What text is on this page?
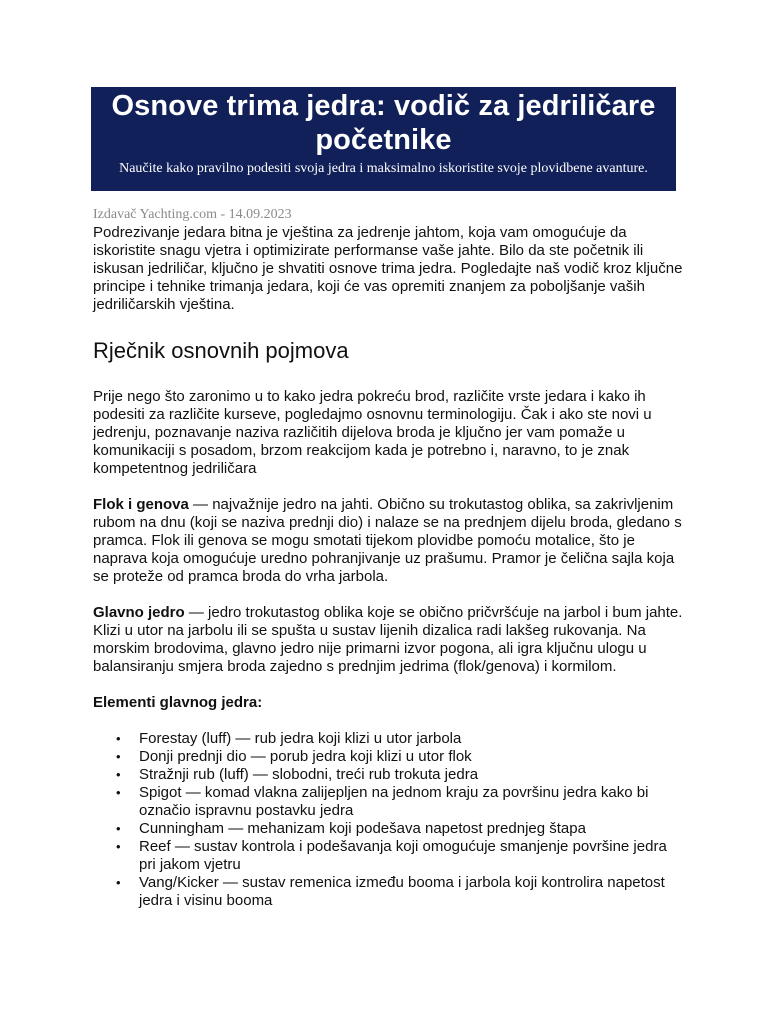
Osnove trima jedra: vodič za jedriličare početnike

Naučite kako pravilno podesiti svoja jedra i maksimalno iskoristite svoje plovidbene avanture.

Izdavač Yachting.com - 14.09.2023

Podrezivanje jedara bitna je vještina za jedrenje jahtom, koja vam omogućuje da iskoristite snagu vjetra i optimizirate performanse vaše jahte. Bilo da ste početnik ili iskusan jedriličar, ključno je shvatiti osnove trima jedra. Pogledajte naš vodič kroz ključne principe i tehnike trimanja jedara, koji će vas opremiti znanjem za poboljšanje vaših jedriličarskih vještina.

Rječnik osnovnih pojmova

Prije nego što zaronimo u to kako jedra pokreću brod, različite vrste jedara i kako ih podesiti za različite kurseve, pogledajmo osnovnu terminologiju. Čak i ako ste novi u jedrenju, poznavanje naziva različitih dijelova broda je ključno jer vam pomaže u komunikaciji s posadom, brzom reakcijom kada je potrebno i, naravno, to je znak kompetentnog jedriličara

Flok i genova — najvažnije jedro na jahti. Obično su trokutastog oblika, sa zakrivljenim rubom na dnu (koji se naziva prednji dio) i nalaze se na prednjem dijelu broda, gledano s pramca. Flok ili genova se mogu smotati tijekom plovidbe pomoću motalice, što je naprava koja omogućuje uredno pohranjivanje uz prašumu. Pramor je čelična sajla koja se proteže od pramca broda do vrha jarbola.

Glavno jedro — jedro trokutastog oblika koje se obično pričvršćuje na jarbol i bum jahte. Klizi u utor na jarbolu ili se spušta u sustav lijenih dizalica radi lakšeg rukovanja. Na morskim brodovima, glavno jedro nije primarni izvor pogona, ali igra ključnu ulogu u balansiranju smjera broda zajedno s prednjim jedrima (flok/genova) i kormilom.

Elementi glavnog jedra:

• Forestay (luff) — rub jedra koji klizi u utor jarbola
• Donji prednji dio — porub jedra koji klizi u utor flok
• Stražnji rub (luff) — slobodni, treći rub trokuta jedra
• Spigot — komad vlakna zalijepljen na jednom kraju za površinu jedra kako bi označio ispravnu postavku jedra
• Cunningham — mehanizam koji podešava napetost prednjeg štapa
• Reef — sustav kontrola i podešavanja koji omogućuje smanjenje površine jedra pri jakom vjetru
• Vang/Kicker — sustav remenica između booma i jarbola koji kontrolira napetost jedra i visinu booma
